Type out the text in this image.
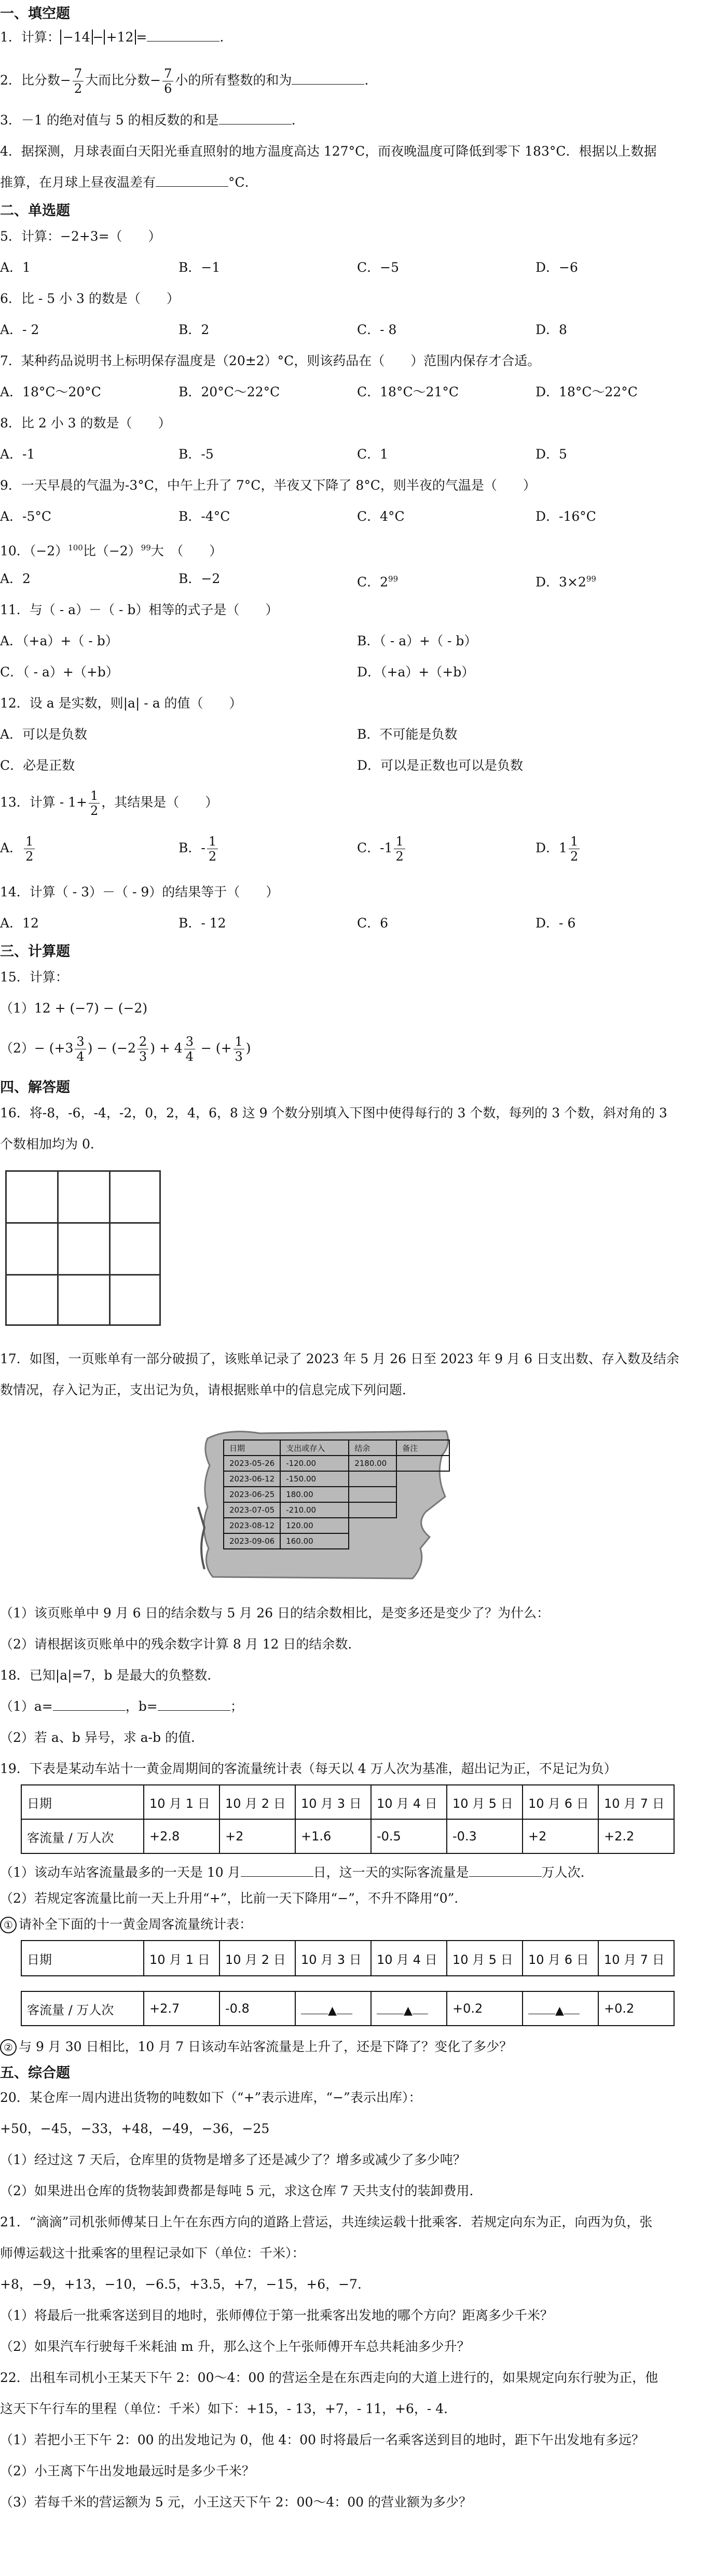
一、填空题
1．计算： −14 − +12 =	.
2．比分数− $\frac{7}{2}$ 大而比分数− $\frac{7}{6}$ 小的所有整数的和为	.
3．－1 的绝对值与 5 的相反数的和是	.
4．据探测，月球表面白天阳光垂直照射的地方温度高达 127°C，而夜晚温度可降低到零下 183°C．根据以上数据
推算，在月球上昼夜温差有	°C．
二、单选题
5．计算：−2+3=（　　）
A．1	B．−1	C．−5	D．−6
6．比 - 5 小 3 的数是（　　）
A．- 2	B．2	C．- 8	D．8
7．某种药品说明书上标明保存温度是（20±2）°C，则该药品在（　　）范围内保存才合适。
A．18°C～20°C	B．20°C～22°C	C．18°C～21°C	D．18°C～22°C
8．比 2 小 3 的数是（　　）
A．-1	B．-5	C．1	D．5
9．一天早晨的气温为-3°C，中午上升了 7°C，半夜又下降了 8°C，则半夜的气温是（　　）
A．-5°C	B．-4°C	C．4°C	D．-16°C
10．$(-2)^{100}$比$(-2)^{99}$大　（　　）
A．2	B．−2	C．$2^{99}$	D．$3\times 2^{99}$
11．与（ - a）－（ - b）相等的式子是（　　）
A．（+a）+（ - b）	B．（ - a）+（ - b）
C．（ - a）+（+b）	D．（+a）+（+b）
12．设 a 是实数，则|a| - a 的值（　　）
A．可以是负数	B．不可能是负数
C．必是正数	D．可以是正数也可以是负数
13．计算 - $1+ \frac{1}{2}$ ，其结果是（　　）
A． $\frac{1}{2}$	B．- $\frac{1}{2}$	C．$-1 \frac{1}{2}$	D．$1 \frac{1}{2}$
14．计算（ - 3）－（ - 9）的结果等于（　　）
A．12	B．- 12	C．6	D．- 6
三、计算题
15．计算：
（1）12 + (−7) − (−2)
$(2)- (+3 \frac{3}{4}$ ) − ($-2 \frac{2}{3}$ ) + $4 \frac{3}{4}$ − (+ $\frac{1}{3}$ )
四、解答题
16．将-8，-6，-4，-2，0，2，4，6，8 这 9 个数分别填入下图中使得每行的 3 个数，每列的 3 个数，斜对角的 3
个数相加均为 0．
17．如图，一页账单有一部分破损了，该账单记录了 2023 年 5 月 26 日至 2023 年 9 月 6 日支出数、存入数及结余
数情况，存入记为正，支出记为负，请根据账单中的信息完成下列问题．
日期	支出或存入	结余	备注
2023-05-26	-120.00	2180.00	
2023-06-12	-150.00		
2023-06-25	180.00		
2023-07-05	-210.00		
2023-08-12	120.00		
2023-09-06	160.00		
（1）该页账单中 9 月 6 日的结余数与 5 月 26 日的结余数相比，是变多还是变少了？为什么：
（2）请根据该页账单中的残余数字计算 8 月 12 日的结余数．
18．已知|a|=7，b 是最大的负整数．
（1）a=	，b=	；
（2）若 a、b 异号，求 a-b 的值．
19．下表是某动车站十一黄金周期间的客流量统计表（每天以 4 万人次为基准，超出记为正，不足记为负）
日期	10 月 1 日	10 月 2 日	10 月 3 日	10 月 4 日	10 月 5 日	10 月 6 日	10 月 7 日
客流量 / 万人次	+2.8	+2	+1.6	-0.5	-0.3	+2	+2.2
（1）该动车站客流量最多的一天是 10 月	日，这一天的实际客流量是	万人次．
（2）若规定客流量比前一天上升用“+”，比前一天下降用“−”，不升不降用“0”．
① 请补全下面的十一黄金周客流量统计表：
日期	10 月 1 日	10 月 2 日	10 月 3 日	10 月 4 日	10 月 5 日	10 月 6 日	10 月 7 日

客流量 / 万人次	+2.7	-0.8	▲	▲	+0.2	▲	+0.2
② 与 9 月 30 日相比，10 月 7 日该动车站客流量是上升了，还是下降了？变化了多少？
五、综合题
20．某仓库一周内进出货物的吨数如下（“+”表示进库，“−”表示出库）：
+50，−45，−33，+48，−49，−36，−25
（1）经过这 7 天后，仓库里的货物是增多了还是减少了？增多或减少了多少吨？
（2）如果进出仓库的货物装卸费都是每吨 5 元，求这仓库 7 天共支付的装卸费用．
21．“滴滴”司机张师傅某日上午在东西方向的道路上营运，共连续运载十批乘客．若规定向东为正，向西为负，张
师傅运载这十批乘客的里程记录如下（单位：千米）：
+8，−9，+13，−10，−6.5，+3.5，+7，−15，+6，−7．
（1）将最后一批乘客送到目的地时，张师傅位于第一批乘客出发地的哪个方向？距离多少千米？
（2）如果汽车行驶每千米耗油 m 升，那么这个上午张师傅开车总共耗油多少升？
22．出租车司机小王某天下午 2：00～4：00 的营运全是在东西走向的大道上进行的，如果规定向东行驶为正，他
这天下午行车的里程（单位：千米）如下：+15，- 13，+7，- 11，+6，- 4．
（1）若把小王下午 2：00 的出发地记为 0，他 4：00 时将最后一名乘客送到目的地时，距下午出发地有多远？
（2）小王离下午出发地最远时是多少千米？
（3）若每千米的营运额为 5 元，小王这天下午 2：00～4：00 的营业额为多少？
